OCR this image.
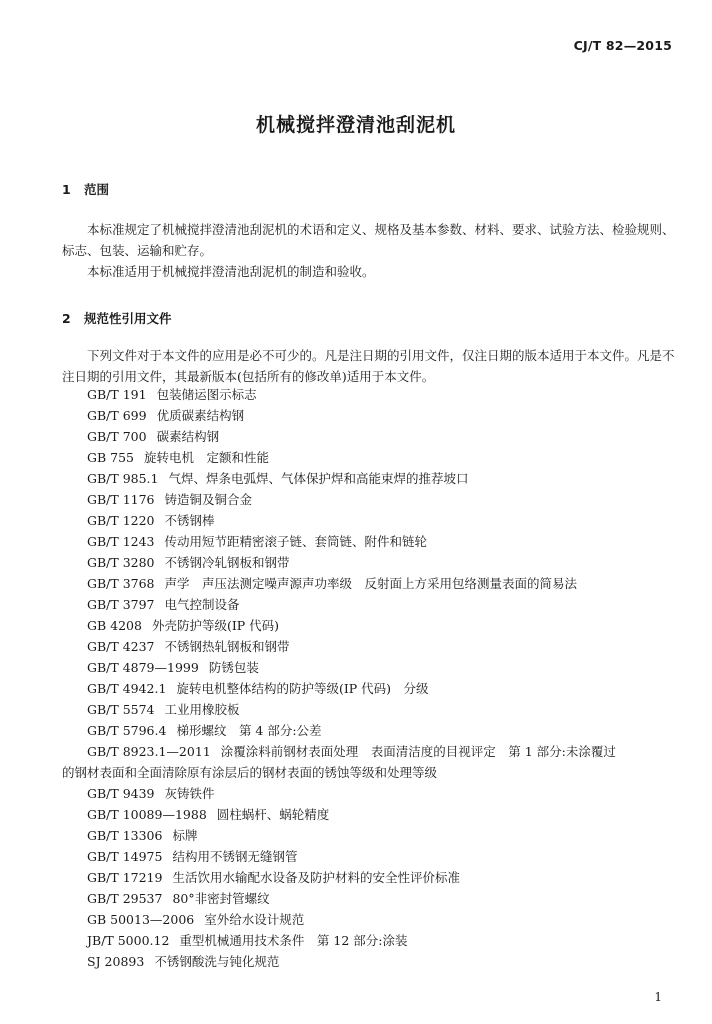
CJ/T 82—2015
机械搅拌澄清池刮泥机
1 范围

本标准规定了机械搅拌澄清池刮泥机的术语和定义、规格及基本参数、材料、要求、试验方法、检验规则、标志、包装、运输和贮存。

本标准适用于机械搅拌澄清池刮泥机的制造和验收。

2 规范性引用文件

下列文件对于本文件的应用是必不可少的。凡是注日期的引用文件，仅注日期的版本适用于本文件。凡是不注日期的引用文件，其最新版本(包括所有的修改单)适用于本文件。

GB/T 191 包装储运图示标志
GB/T 699 优质碳素结构钢
GB/T 700 碳素结构钢
GB 755 旋转电机　定额和性能
GB/T 985.1 气焊、焊条电弧焊、气体保护焊和高能束焊的推荐坡口
GB/T 1176 铸造铜及铜合金
GB/T 1220 不锈钢棒
GB/T 1243 传动用短节距精密滚子链、套筒链、附件和链轮
GB/T 3280 不锈钢冷轧钢板和钢带
GB/T 3768 声学　声压法测定噪声源声功率级　反射面上方采用包络测量表面的简易法
GB/T 3797 电气控制设备
GB 4208 外壳防护等级(IP 代码)
GB/T 4237 不锈钢热轧钢板和钢带
GB/T 4879—1999 防锈包装
GB/T 4942.1 旋转电机整体结构的防护等级(IP 代码)　分级
GB/T 5574 工业用橡胶板
GB/T 5796.4 梯形螺纹　第 4 部分:公差
GB/T 8923.1—2011 涂覆涂料前钢材表面处理　表面清洁度的目视评定　第 1 部分:未涂覆过
的钢材表面和全面清除原有涂层后的钢材表面的锈蚀等级和处理等级
GB/T 9439 灰铸铁件
GB/T 10089—1988 圆柱蜗杆、蜗轮精度
GB/T 13306 标牌
GB/T 14975 结构用不锈钢无缝钢管
GB/T 17219 生活饮用水输配水设备及防护材料的安全性评价标准
GB/T 29537 80°非密封管螺纹
GB 50013—2006 室外给水设计规范
JB/T 5000.12 重型机械通用技术条件　第 12 部分:涂装
SJ 20893 不锈钢酸洗与钝化规范
1
